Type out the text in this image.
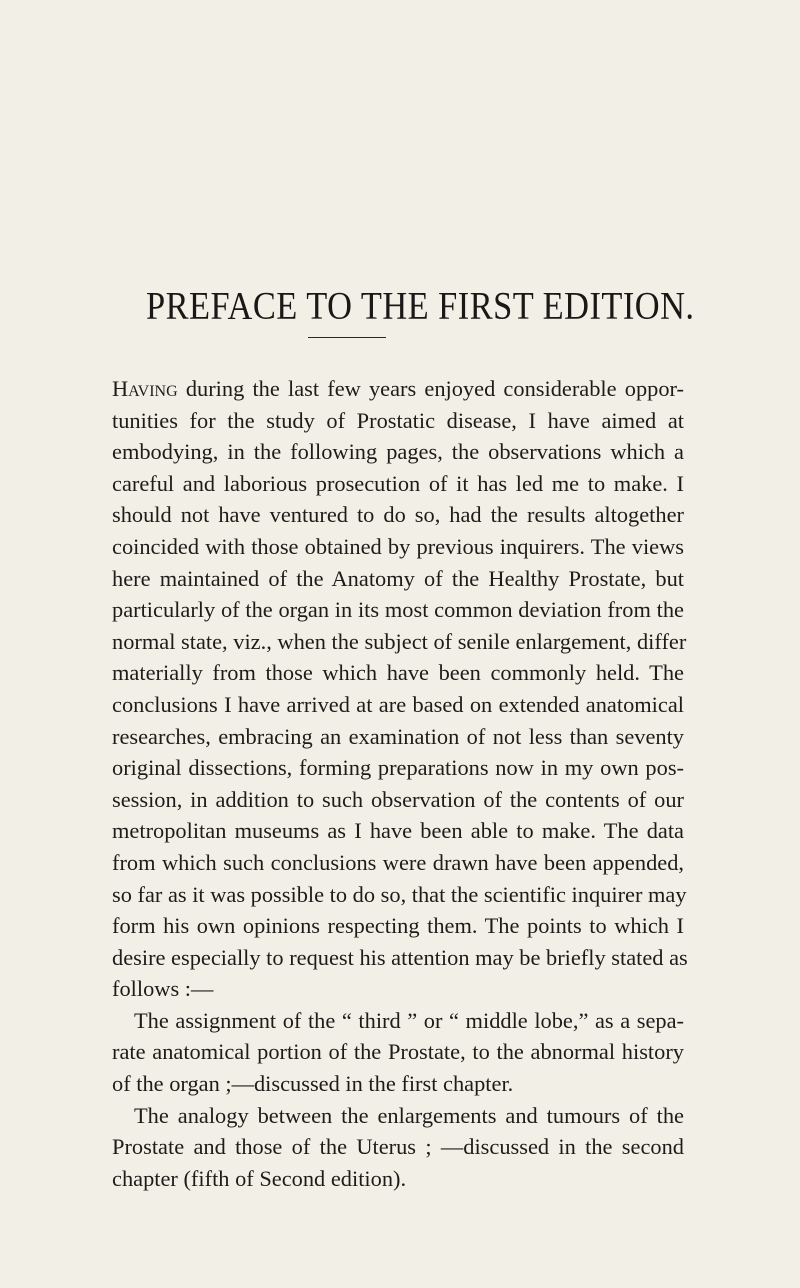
PREFACE TO THE FIRST EDITION.
Having during the last few years enjoyed considerable oppor-
tunities for the study of Prostatic disease, I have aimed at
embodying, in the following pages, the observations which a
careful and laborious prosecution of it has led me to make. I
should not have ventured to do so, had the results altogether
coincided with those obtained by previous inquirers. The views
here maintained of the Anatomy of the Healthy Prostate, but
particularly of the organ in its most common deviation from the
normal state, viz., when the subject of senile enlargement, differ
materially from those which have been commonly held. The
conclusions I have arrived at are based on extended anatomical
researches, embracing an examination of not less than seventy
original dissections, forming preparations now in my own pos-
session, in addition to such observation of the contents of our
metropolitan museums as I have been able to make. The data
from which such conclusions were drawn have been appended,
so far as it was possible to do so, that the scientific inquirer may
form his own opinions respecting them. The points to which I
desire especially to request his attention may be briefly stated as
follows :—
The assignment of the “ third ” or “ middle lobe,” as a sepa-
rate anatomical portion of the Prostate, to the abnormal history
of the organ ;—discussed in the first chapter.
The analogy between the enlargements and tumours of the
Prostate and those of the Uterus ; —discussed in the second
chapter (fifth of Second edition).
